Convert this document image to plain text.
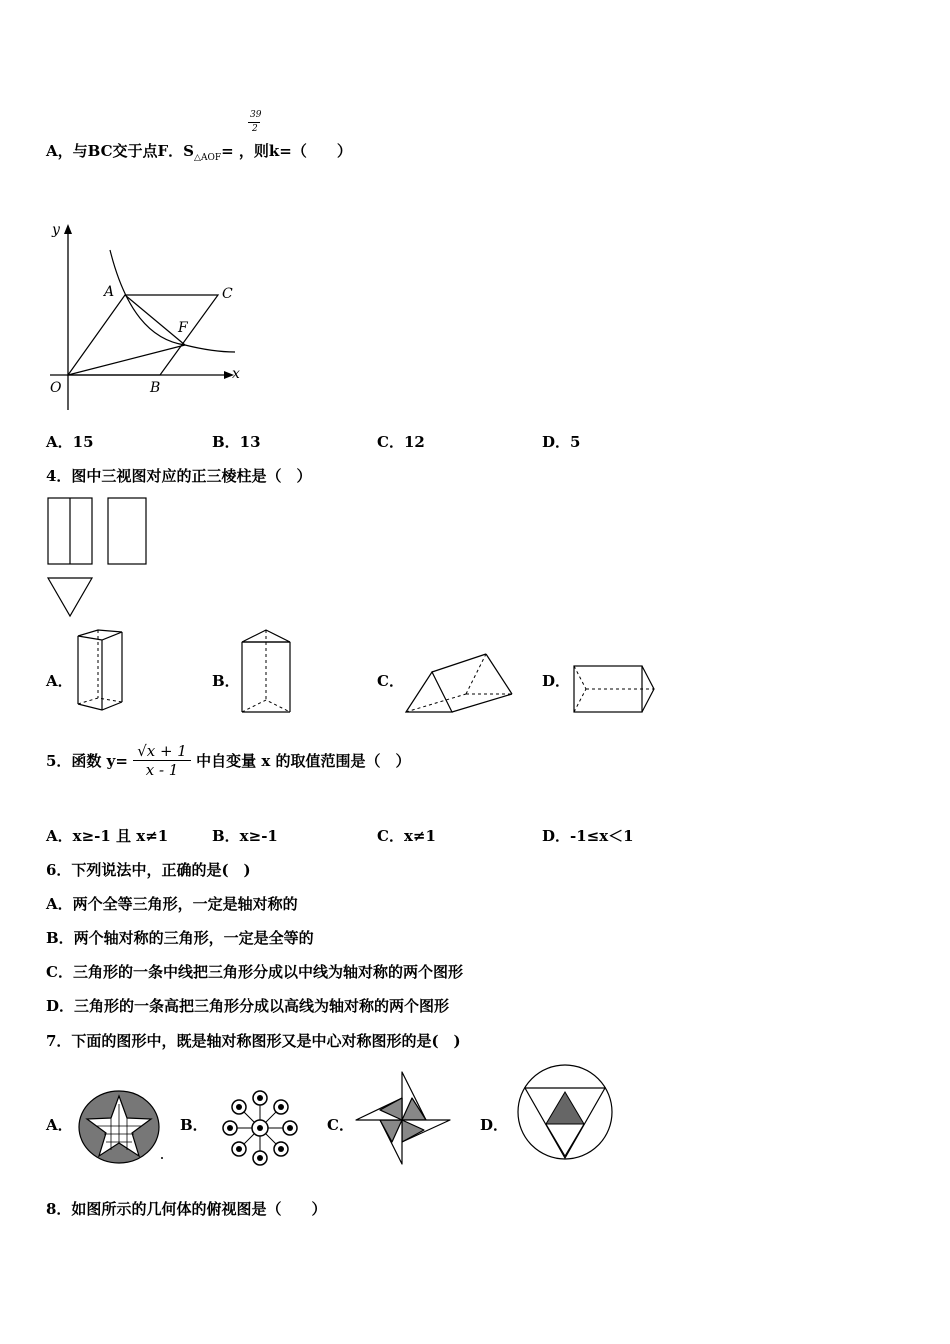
39
2
A，与BC交于点F．$S_{\triangle AOF}=$ ，则k=（　　）
y
x
O
A
B
C
F
A．15	B．13	C．12	D．5
4．图中三视图对应的正三棱柱是（　）
A．	B．	C．	D．
5．函数 $y= \frac{√x + 1}{x - 1}$ 中自变量 x 的取值范围是（　）
A．x≥-1 且 x≠1	B．x≥-1	C．x≠1	D．-1≤x＜1
6．下列说法中，正确的是(　)
A．两个全等三角形，一定是轴对称的
B．两个轴对称的三角形，一定是全等的
C．三角形的一条中线把三角形分成以中线为轴对称的两个图形
D．三角形的一条高把三角形分成以高线为轴对称的两个图形
7．下面的图形中，既是轴对称图形又是中心对称图形的是(　)
A．	B．	C．	D．
8．如图所示的几何体的俯视图是（　　）
